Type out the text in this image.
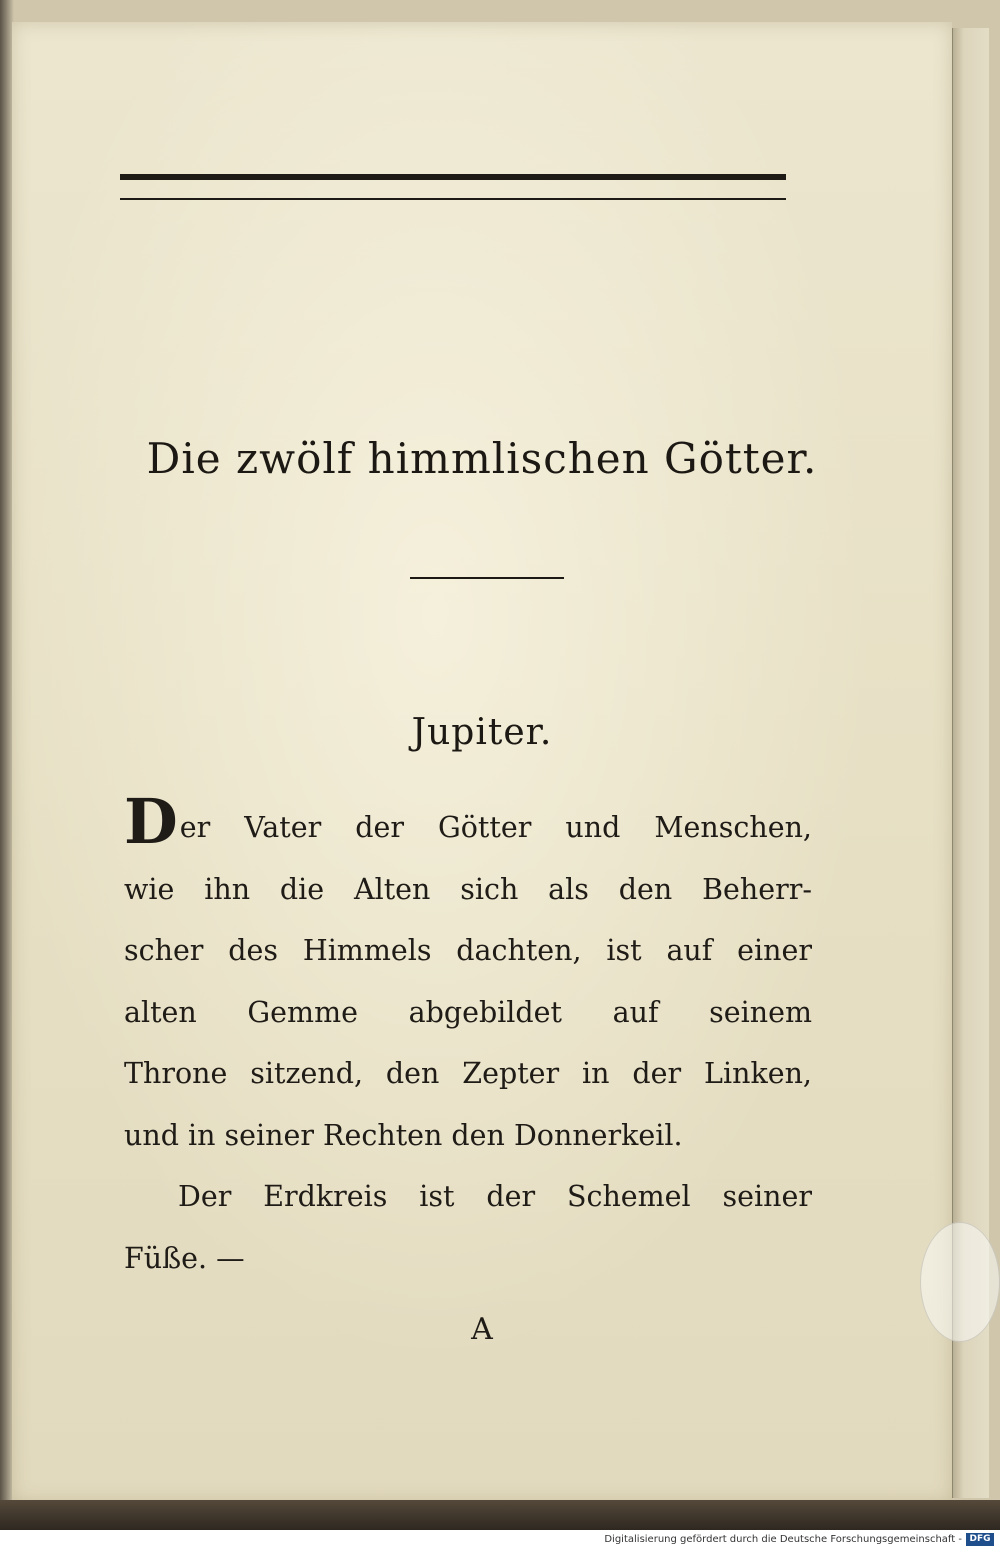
Die zwölf himmlischen Götter.
Jupiter.
Der Vater der Götter und Menschen,
wie ihn die Alten sich als den Beherr-
scher des Himmels dachten, ist auf einer
alten Gemme abgebildet auf seinem
Throne sitzend, den Zepter in der Linken,
und in seiner Rechten den Donnerkeil.
Der Erdkreis ist der Schemel seiner
Füße. —
A
Digitalisierung gefördert durch die Deutsche Forschungsgemeinschaft - DFG
